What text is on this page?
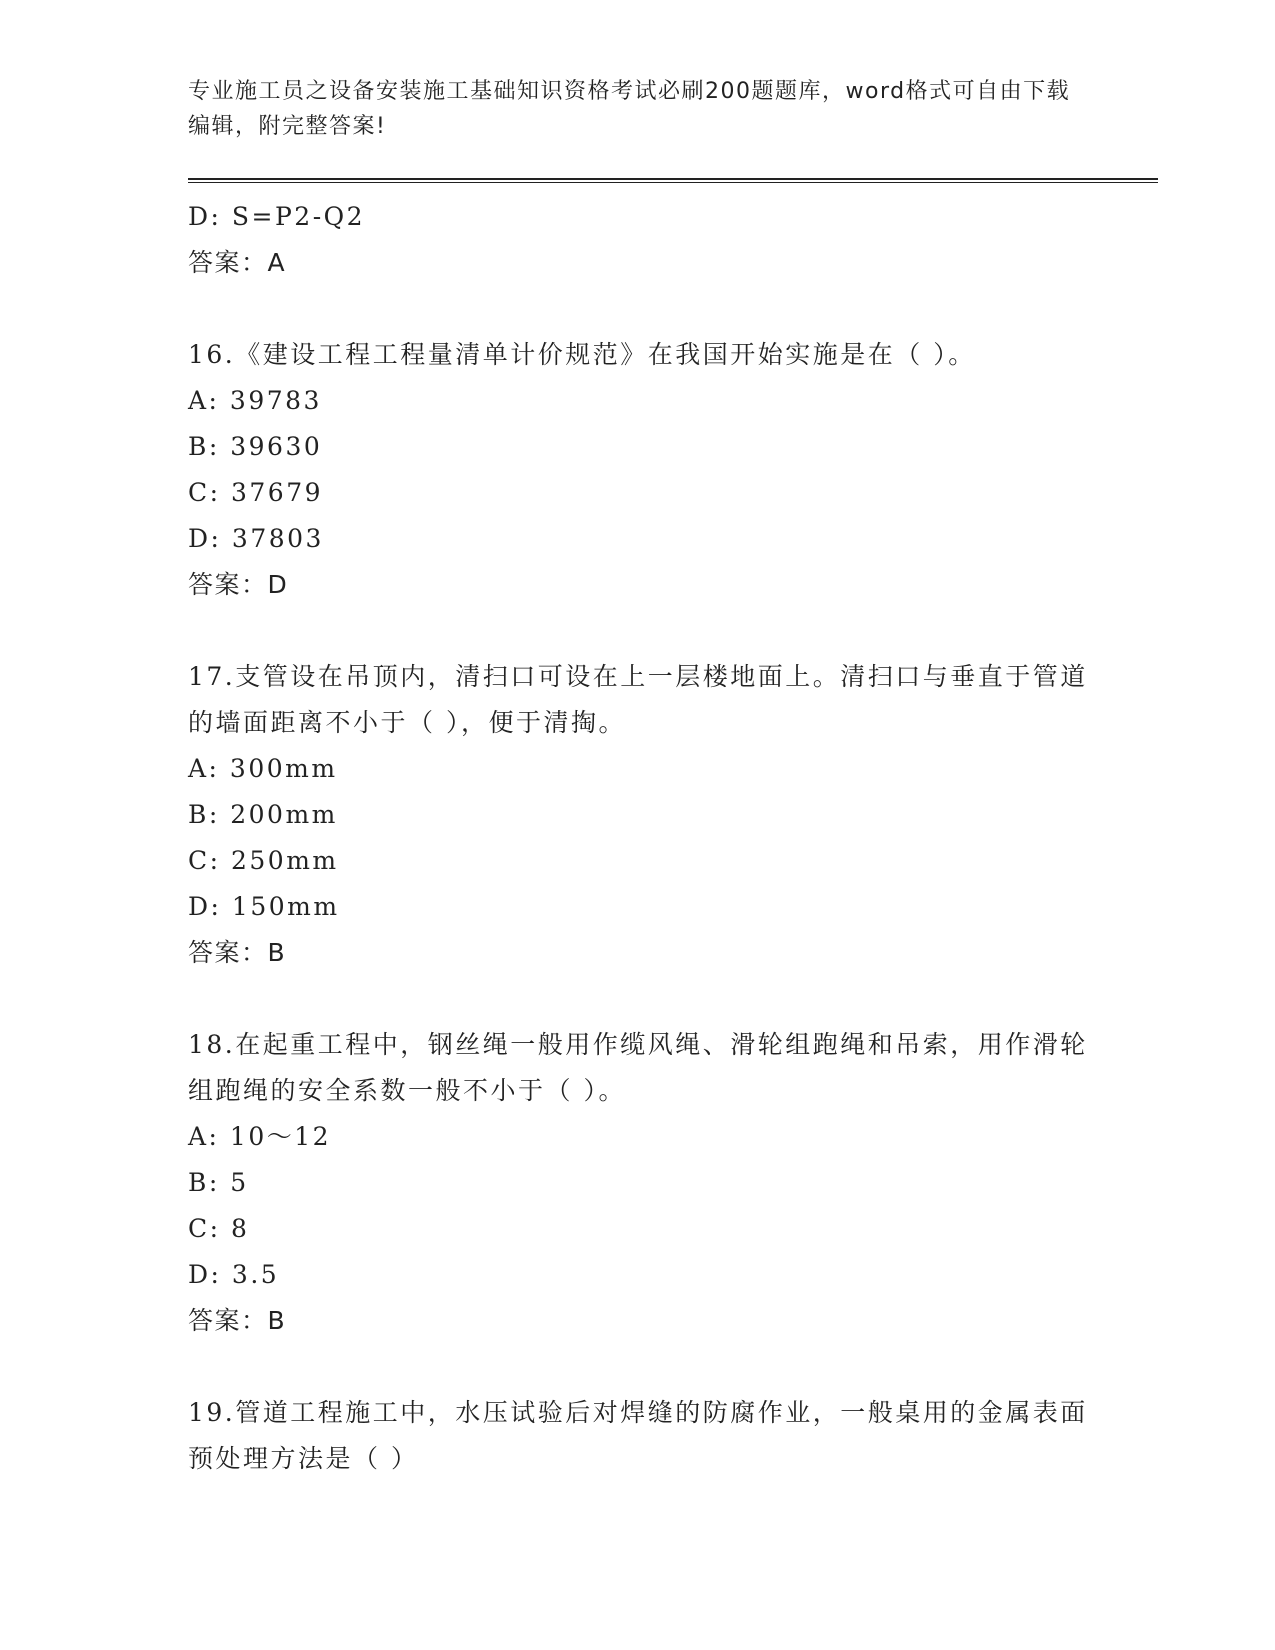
专业施工员之设备安装施工基础知识资格考试必刷200题题库，word格式可自由下载编辑，附完整答案!
D: S=P2-Q2
答案：A
16.《建设工程工程量清单计价规范》在我国开始实施是在（ ）。
A: 39783
B: 39630
C: 37679
D: 37803
答案：D
17.支管设在吊顶内，清扫口可设在上一层楼地面上。清扫口与垂直于管道的墙面距离不小于（ ），便于清掏。
A: 300mm
B: 200mm
C: 250mm
D: 150mm
答案：B
18.在起重工程中，钢丝绳一般用作缆风绳、滑轮组跑绳和吊索，用作滑轮组跑绳的安全系数一般不小于（ ）。
A: 10～12
B: 5
C: 8
D: 3.5
答案：B
19.管道工程施工中，水压试验后对焊缝的防腐作业，一般桌用的金属表面预处理方法是（ ）
